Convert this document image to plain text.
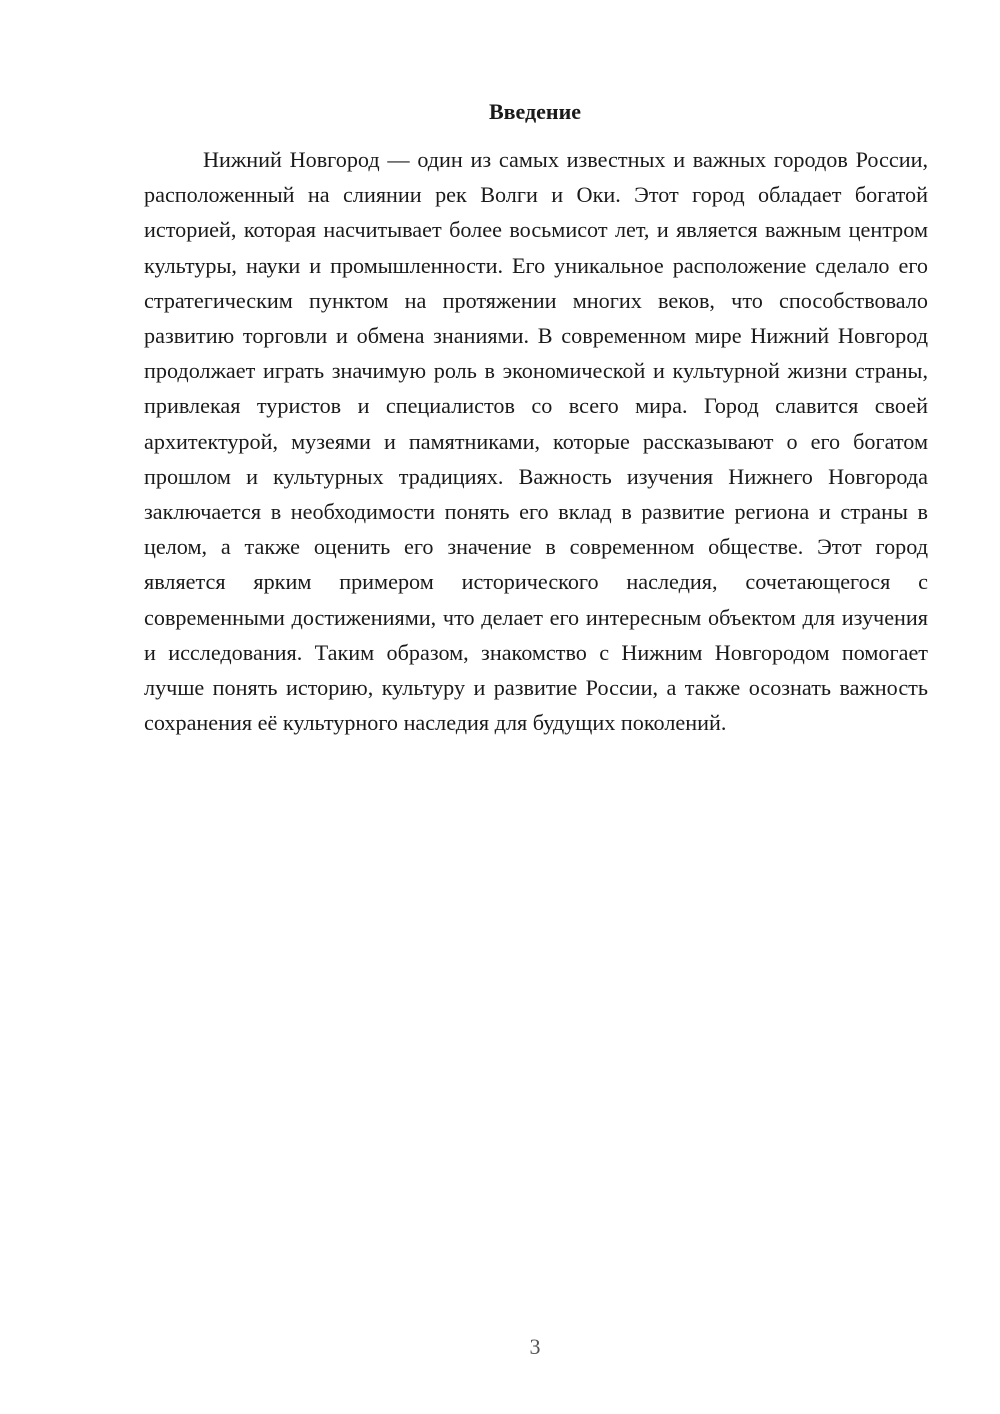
Введение

Нижний Новгород — один из самых известных и важных городов России, расположенный на слиянии рек Волги и Оки. Этот город обладает богатой историей, которая насчитывает более восьмисот лет, и является важным центром культуры, науки и промышленности. Его уникальное расположение сделало его стратегическим пунктом на протяжении многих веков, что способствовало развитию торговли и обмена знаниями. В современном мире Нижний Новгород продолжает играть значимую роль в экономической и культурной жизни страны, привлекая туристов и специалистов со всего мира. Город славится своей архитектурой, музеями и памятниками, которые рассказывают о его богатом прошлом и культурных традициях. Важность изучения Нижнего Новгорода заключается в необходимости понять его вклад в развитие региона и страны в целом, а также оценить его значение в современном обществе. Этот город является ярким примером исторического наследия, сочетающегося с современными достижениями, что делает его интересным объектом для изучения и исследования. Таким образом, знакомство с Нижним Новгородом помогает лучше понять историю, культуру и развитие России, а также осознать важность сохранения её культурного наследия для будущих поколений.

3
